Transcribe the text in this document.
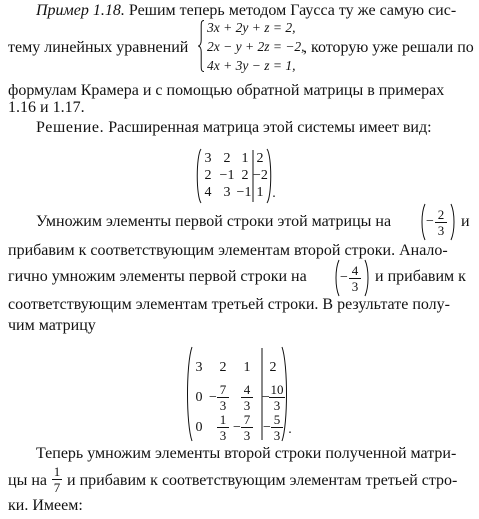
Пример 1.18. Решим теперь методом Гаусса ту же самую сис-
тему линейных уравнений
3x + 2y + z = 2,
2x − y + 2z = −2,
4x + 3y − z = 1,
, которую уже решали по
формулам Крамера и с помощью обратной матрицы в примерах
1.16 и 1.17.
Решение. Расширенная матрица этой системы имеет вид:
3 2 1 2
2 −1 2 −2
4 3 −1 1 .
Умножим элементы первой строки этой матрицы на − 2
3
и
прибавим к соответствующим элементам второй строки. Анало-
гично умножим элементы первой строки на − 4
3
и прибавим к
соответствующим элементам третьей строки. В результате полу-
чим матрицу
3 2 1 2
0 −
7
3
4
3
−
10
3
0
1
3
−
7
3
−
5
3 .
Теперь умножим элементы второй строки полученной матри-
цы на
1
7 и прибавим к соответствующим элементам третьей стро-
ки. Имеем:
